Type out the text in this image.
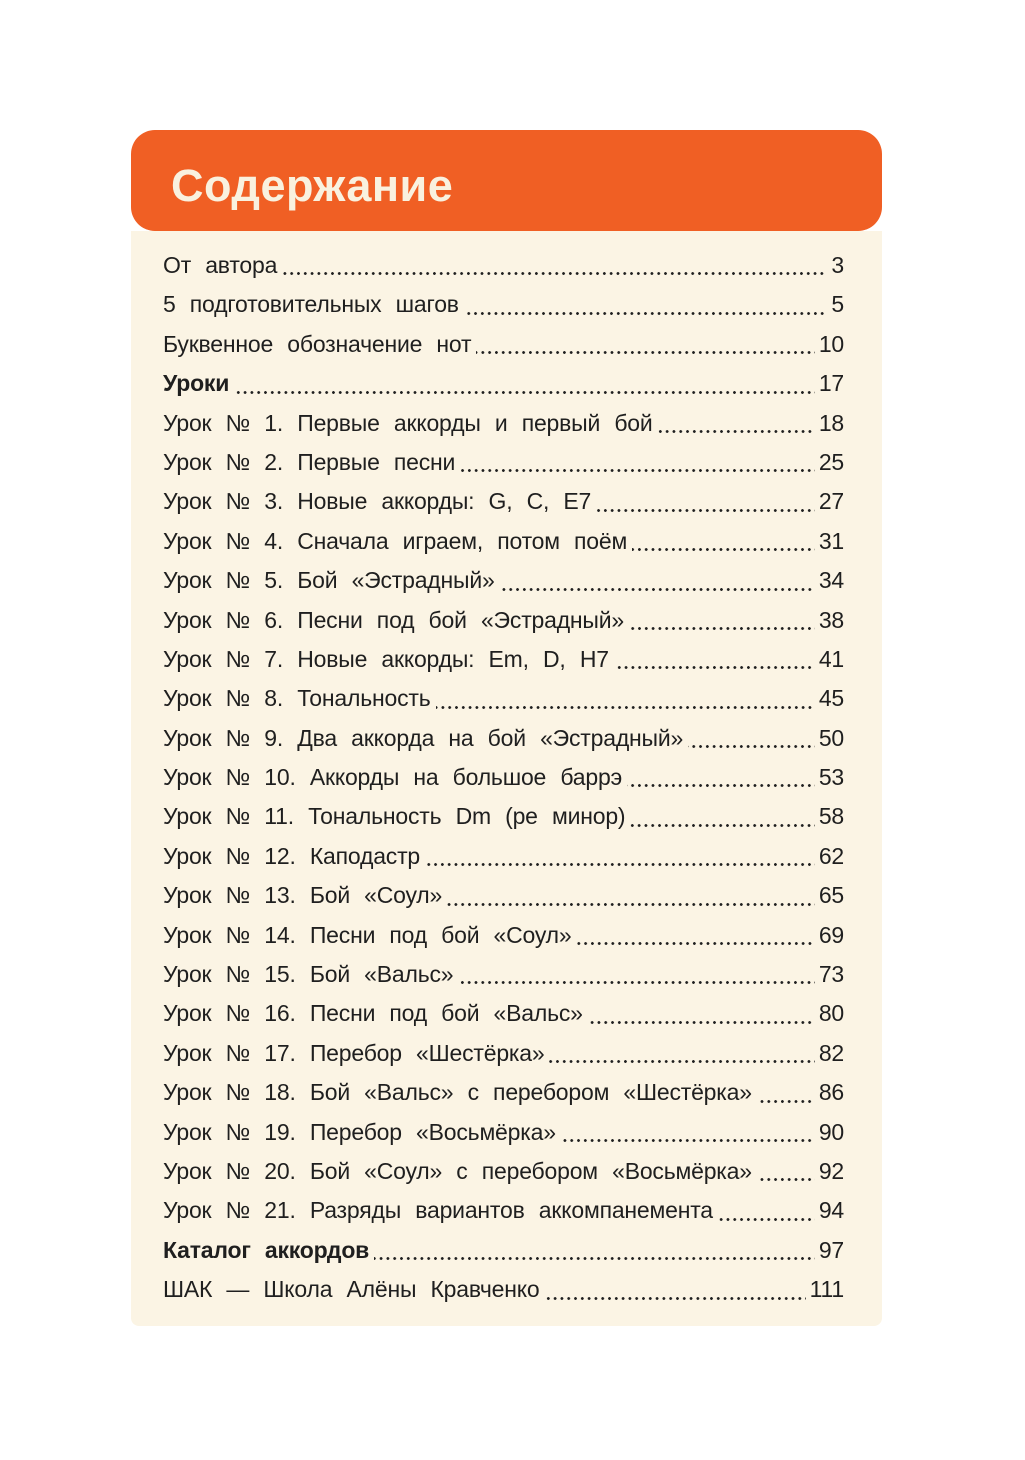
Содержание
От автора	3
5 подготовительных шагов	5
Буквенное обозначение нот	10
Уроки	17
Урок № 1. Первые аккорды и первый бой	18
Урок № 2. Первые песни	25
Урок № 3. Новые аккорды: G, C, E7	27
Урок № 4. Сначала играем, потом поём	31
Урок № 5. Бой «Эстрадный»	34
Урок № 6. Песни под бой «Эстрадный»	38
Урок № 7. Новые аккорды: Em, D, H7	41
Урок № 8. Тональность	45
Урок № 9. Два аккорда на бой «Эстрадный»	50
Урок № 10. Аккорды на большое баррэ	53
Урок № 11. Тональность Dm (ре минор)	58
Урок № 12. Каподастр	62
Урок № 13. Бой «Соул»	65
Урок № 14. Песни под бой «Соул»	69
Урок № 15. Бой «Вальс»	73
Урок № 16. Песни под бой «Вальс»	80
Урок № 17. Перебор «Шестёрка»	82
Урок № 18. Бой «Вальс» с перебором «Шестёрка»	86
Урок № 19. Перебор «Восьмёрка»	90
Урок № 20. Бой «Соул» с перебором «Восьмёрка»	92
Урок № 21. Разряды вариантов аккомпанемента	94
Каталог аккордов	97
ШАК — Школа Алёны Кравченко	111
